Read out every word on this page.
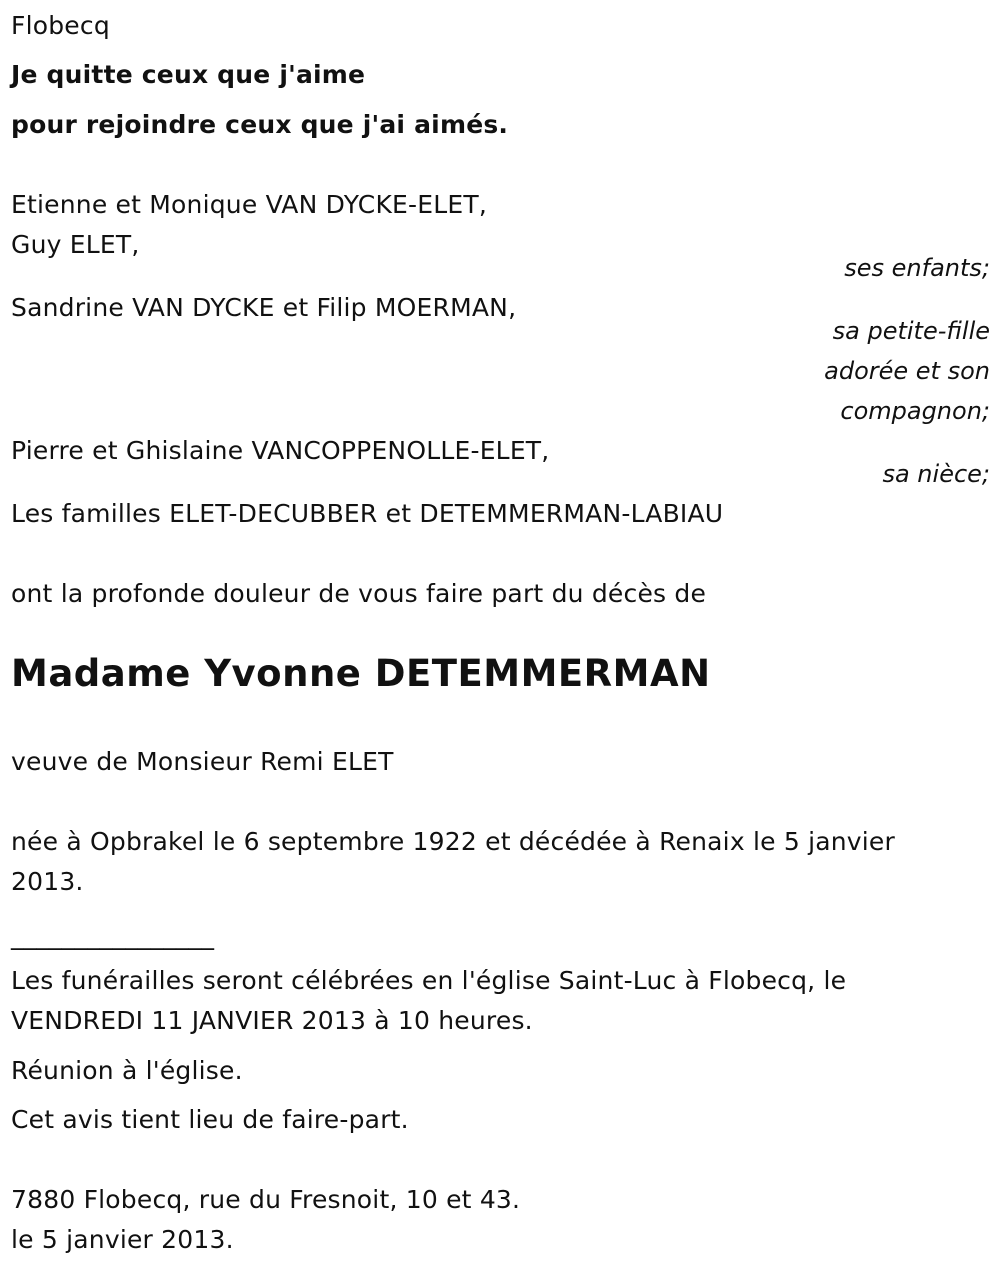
Flobecq

Je quitte ceux que j'aime

pour rejoindre ceux que j'ai aimés.

Etienne et Monique VAN DYCKE-ELET,

Guy ELET,

ses enfants;

Sandrine VAN DYCKE et Filip MOERMAN,

sa petite-fille

adorée et son

compagnon;

Pierre et Ghislaine VANCOPPENOLLE-ELET,

sa nièce;

Les familles ELET-DECUBBER et DETEMMERMAN-LABIAU

ont la profonde douleur de vous faire part du décès de

Madame Yvonne DETEMMERMAN

veuve de Monsieur Remi ELET

née à Opbrakel le 6 septembre 1922 et décédée à Renaix le 5 janvier 2013.

________________

Les funérailles seront célébrées en l'église Saint-Luc à Flobecq, le VENDREDI 11 JANVIER 2013 à 10 heures.

Réunion à l'église.

Cet avis tient lieu de faire-part.

7880 Flobecq, rue du Fresnoit, 10 et 43.

le 5 janvier 2013.
